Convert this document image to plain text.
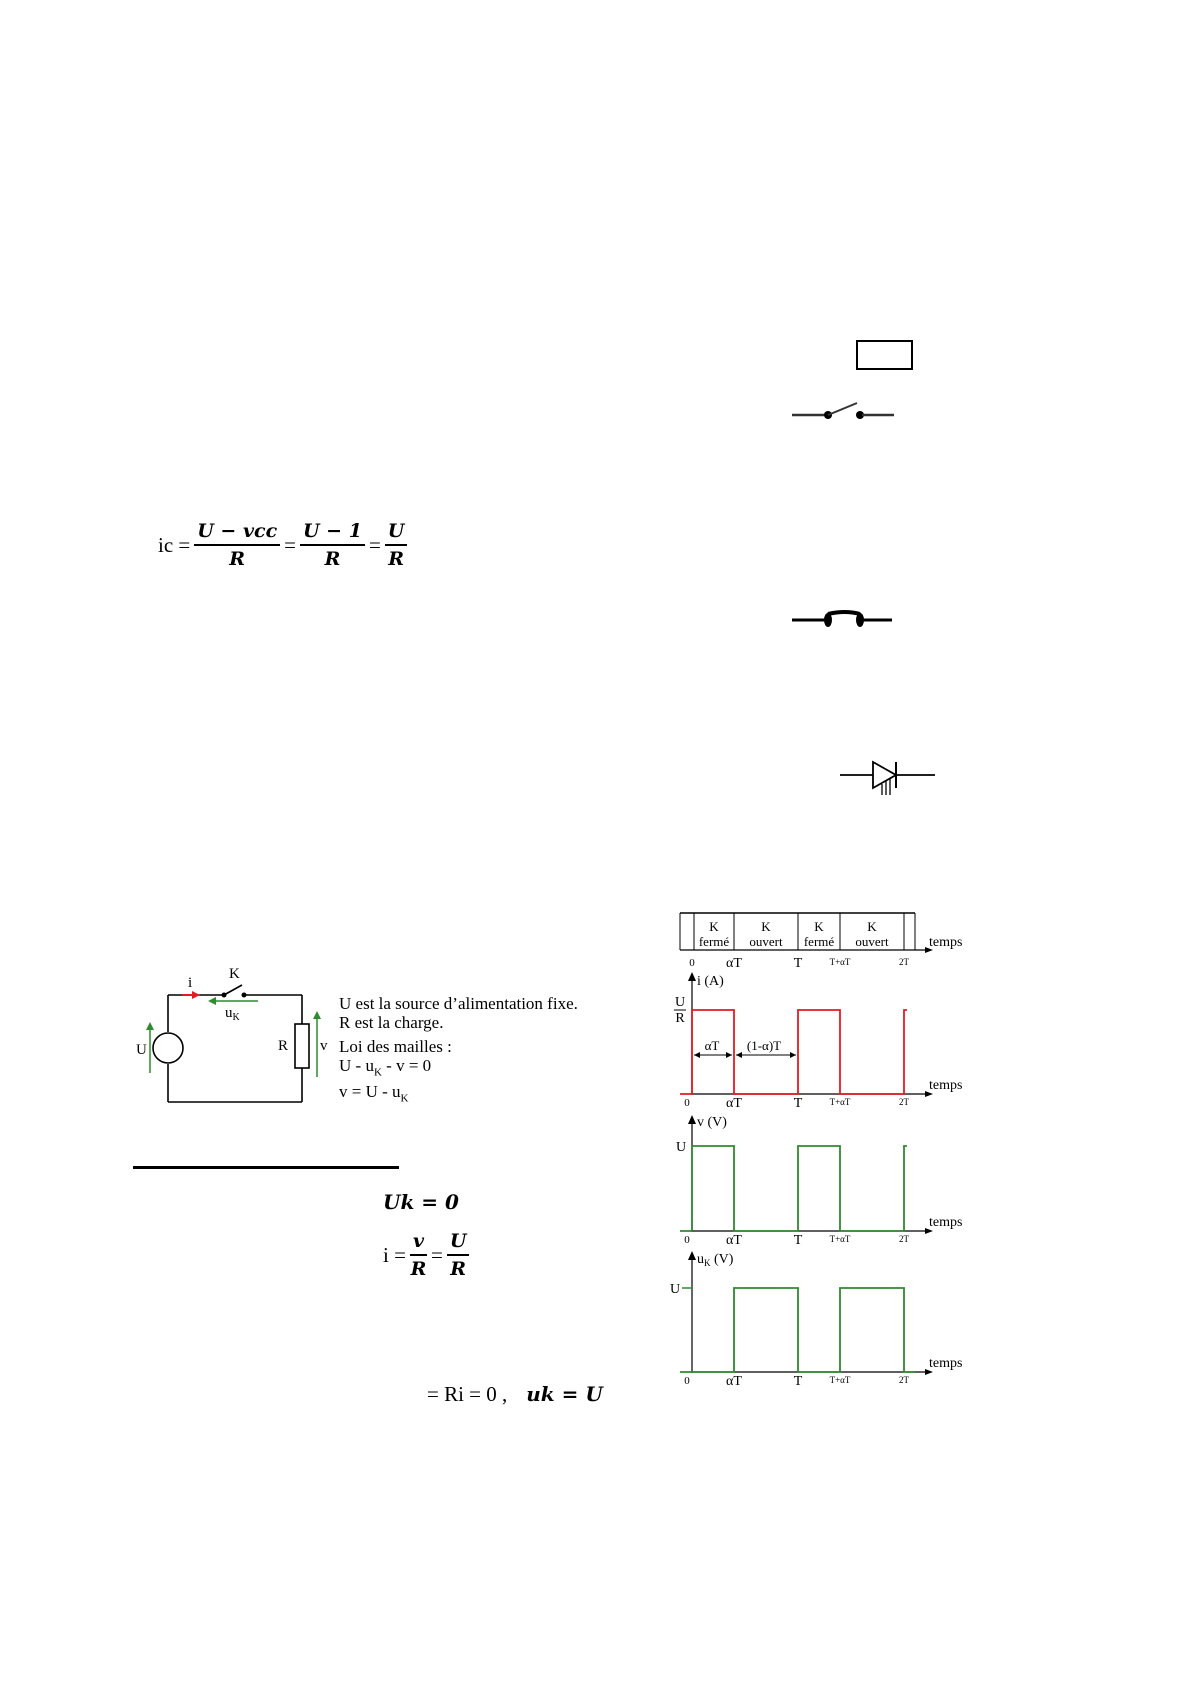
ic = $\frac{\text{U − vcc}}{R} = \frac{U - 1}{R} = \frac{U}{R}$
i
K
$u_K$
U	R v
U est la source d’alimentation fixe.
R est la charge.
Loi des mailles :
$U - u_K - v = 0$
$v = U - u_K$
Uk = 0
$i = \frac{v}{R} = \frac{U}{R}$
= Ri = 0 , uk = U
K
fermé
K
ouvert
K
fermé
K
ouvert	temps
0 αT	T	T+αT	2T
i (A)
U
R
αT (1-α)T
temps
0	αT	T	T+αT	2T
v (V)
U
temps
0	αT	T	T+αT	2T
$u_K$ (V)
U
temps
0	αT	T	T+αT	2T
